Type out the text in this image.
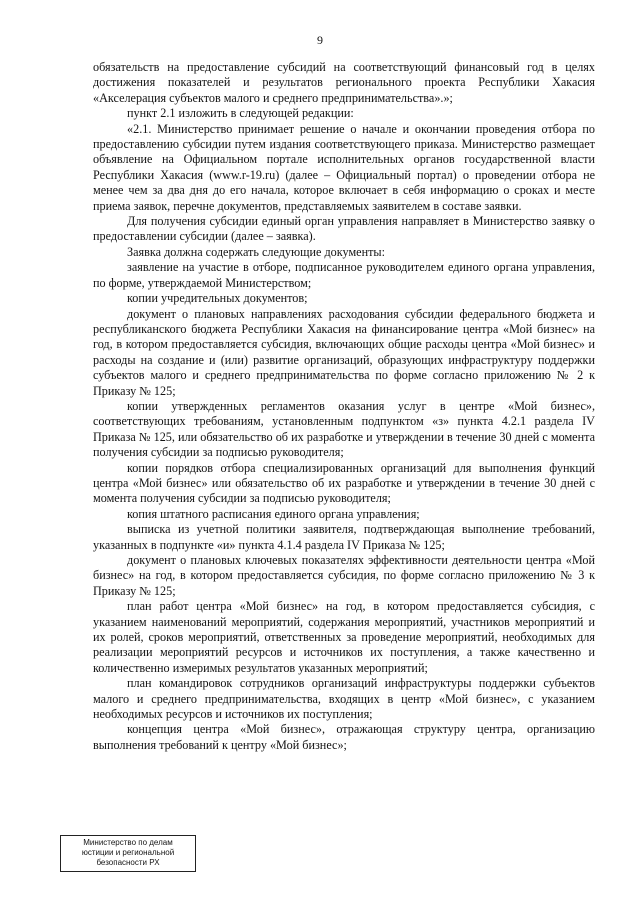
9

обязательств на предоставление субсидий на соответствующий финансовый год в целях достижения показателей и результатов регионального проекта Республики Хакасия «Акселерация субъектов малого и среднего предпринимательства».»;

пункт 2.1 изложить в следующей редакции:

«2.1. Министерство принимает решение о начале и окончании проведения отбора по предоставлению субсидии путем издания соответствующего приказа. Министерство размещает объявление на Официальном портале исполнительных органов государственной власти Республики Хакасия (www.r-19.ru) (далее – Официальный портал) о проведении отбора не менее чем за два дня до его начала, которое включает в себя информацию о сроках и месте приема заявок, перечне документов, представляемых заявителем в составе заявки.

Для получения субсидии единый орган управления направляет в Министерство заявку о предоставлении субсидии (далее – заявка).

Заявка должна содержать следующие документы:

заявление на участие в отборе, подписанное руководителем единого органа управления, по форме, утверждаемой Министерством;

копии учредительных документов;

документ о плановых направлениях расходования субсидии федерального бюджета и республиканского бюджета Республики Хакасия на финансирование центра «Мой бизнес» на год, в котором предоставляется субсидия, включающих общие расходы центра «Мой бизнес» и расходы на создание и (или) развитие организаций, образующих инфраструктуру поддержки субъектов малого и среднего предпринимательства по форме согласно приложению № 2 к Приказу № 125;

копии утвержденных регламентов оказания услуг в центре «Мой бизнес», соответствующих требованиям, установленным подпунктом «з» пункта 4.2.1 раздела IV Приказа № 125, или обязательство об их разработке и утверждении в течение 30 дней с момента получения субсидии за подписью руководителя;

копии порядков отбора специализированных организаций для выполнения функций центра «Мой бизнес» или обязательство об их разработке и утверждении в течение 30 дней с момента получения субсидии за подписью руководителя;

копия штатного расписания единого органа управления;

выписка из учетной политики заявителя, подтверждающая выполнение требований, указанных в подпункте «и» пункта 4.1.4 раздела IV Приказа № 125;

документ о плановых ключевых показателях эффективности деятельности центра «Мой бизнес» на год, в котором предоставляется субсидия, по форме согласно приложению № 3 к Приказу № 125;

план работ центра «Мой бизнес» на год, в котором предоставляется субсидия, с указанием наименований мероприятий, содержания мероприятий, участников мероприятий и их ролей, сроков мероприятий, ответственных за проведение мероприятий, необходимых для реализации мероприятий ресурсов и источников их поступления, а также качественно и количественно измеримых результатов указанных мероприятий;

план командировок сотрудников организаций инфраструктуры поддержки субъектов малого и среднего предпринимательства, входящих в центр «Мой бизнес», с указанием необходимых ресурсов и источников их поступления;

концепция центра «Мой бизнес», отражающая структуру центра, организацию выполнения требований к центру «Мой бизнес»;

Министерство по делам
юстиции и региональной
безопасности РХ
